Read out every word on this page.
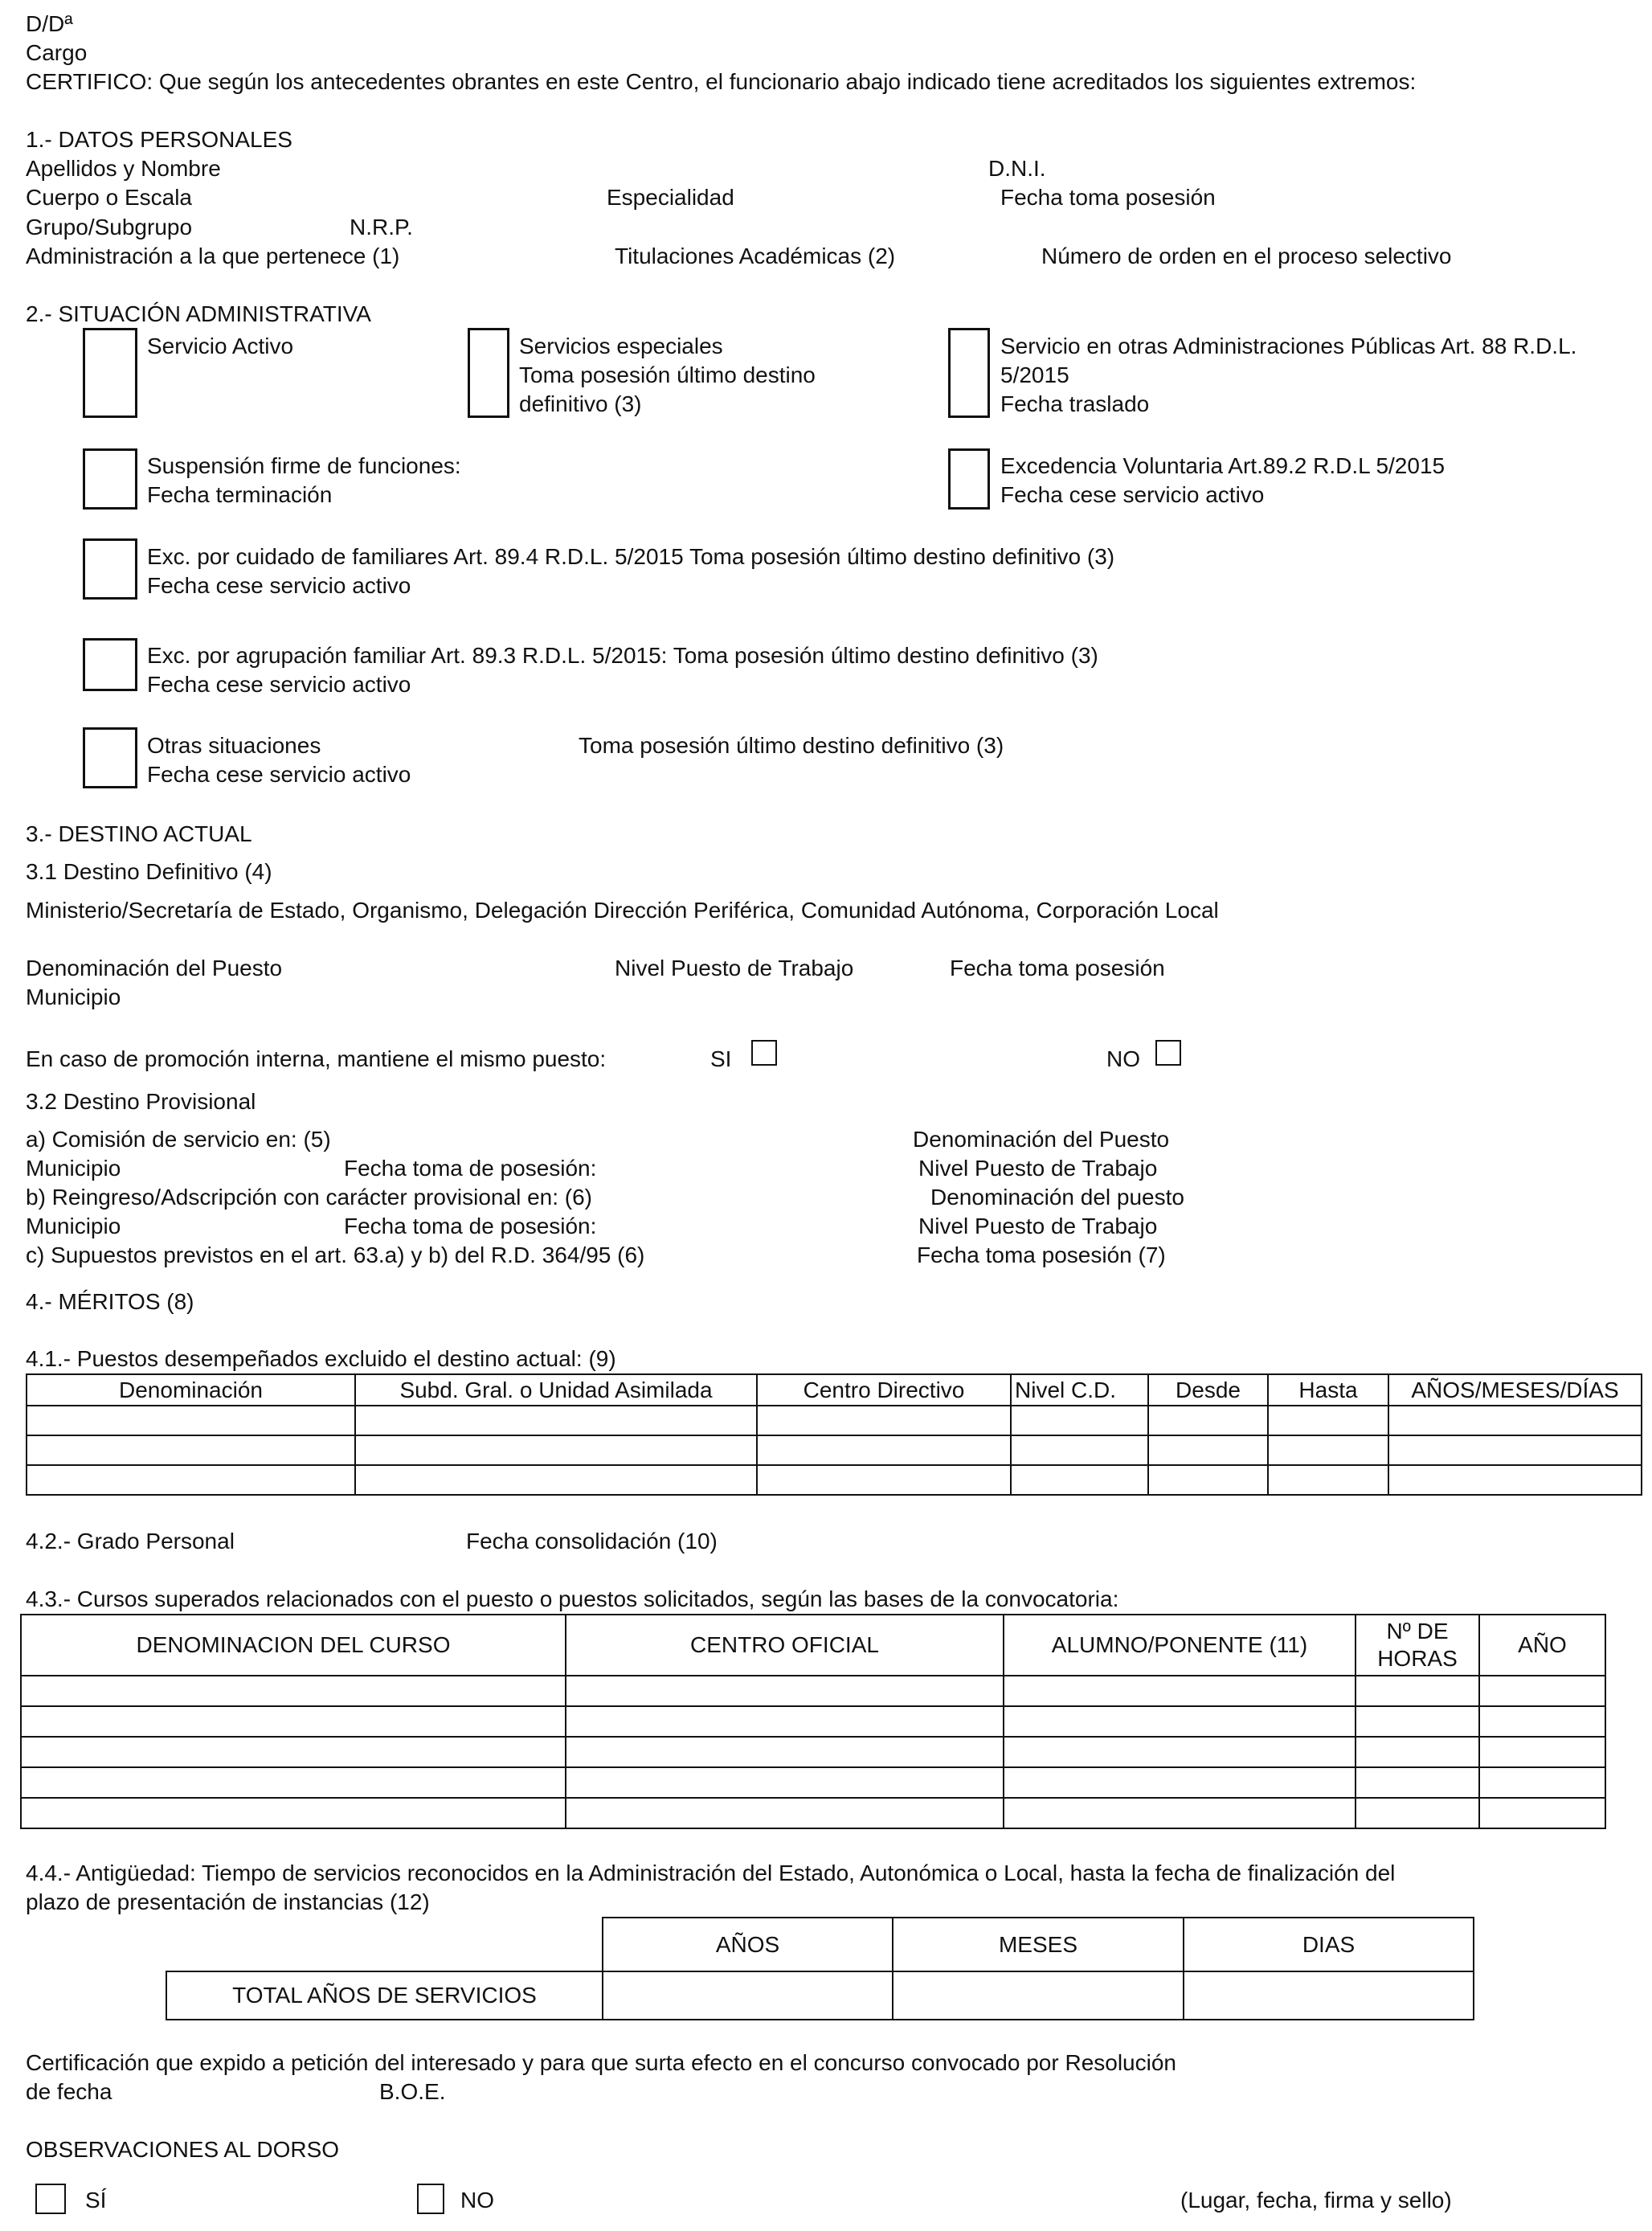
D/Dª
Cargo
CERTIFICO: Que según los antecedentes obrantes en este Centro, el funcionario abajo indicado tiene acreditados los siguientes extremos:
1.- DATOS PERSONALES
Apellidos y Nombre	D.N.I.
Cuerpo o Escala	Especialidad	Fecha toma posesión
Grupo/Subgrupo	N.R.P.
Administración a la que pertenece (1)	Titulaciones Académicas (2)	Número de orden en el proceso selectivo
2.- SITUACIÓN ADMINISTRATIVA
Servicio Activo	Servicios especiales
Toma posesión último destino
definitivo (3)
Servicio en otras Administraciones Públicas Art. 88 R.D.L.
5/2015
Fecha traslado
Suspensión firme de funciones:
Fecha terminación
Excedencia Voluntaria Art.89.2 R.D.L 5/2015
Fecha cese servicio activo
Exc. por cuidado de familiares Art. 89.4 R.D.L. 5/2015 Toma posesión último destino definitivo (3)
Fecha cese servicio activo
Exc. por agrupación familiar Art. 89.3 R.D.L. 5/2015: Toma posesión último destino definitivo (3)
Fecha cese servicio activo
Otras situaciones	Toma posesión último destino definitivo (3)
Fecha cese servicio activo
3.- DESTINO ACTUAL
3.1 Destino Definitivo (4)
Ministerio/Secretaría de Estado, Organismo, Delegación Dirección Periférica, Comunidad Autónoma, Corporación Local
Denominación del Puesto	Nivel Puesto de Trabajo	Fecha toma posesión
Municipio
En caso de promoción interna, mantiene el mismo puesto:	SI	NO
3.2 Destino Provisional
a) Comisión de servicio en: (5)	Denominación del Puesto
Municipio	Fecha toma de posesión:	Nivel Puesto de Trabajo
b) Reingreso/Adscripción con carácter provisional en: (6)	Denominación del puesto
Municipio	Fecha toma de posesión:	Nivel Puesto de Trabajo
c) Supuestos previstos en el art. 63.a) y b) del R.D. 364/95 (6)	Fecha toma posesión (7)
4.- MÉRITOS (8)
4.1.- Puestos desempeñados excluido el destino actual: (9)
Denominación	Subd. Gral. o Unidad Asimilada	Centro Directivo	Nivel C.D.	Desde	Hasta	AÑOS/MESES/DÍAS

4.2.- Grado Personal	Fecha consolidación (10)
4.3.- Cursos superados relacionados con el puesto o puestos solicitados, según las bases de la convocatoria:
DENOMINACION DEL CURSO	CENTRO OFICIAL	ALUMNO/PONENTE (11)	Nº DE HORAS	AÑO

4.4.- Antigüedad: Tiempo de servicios reconocidos en la Administración del Estado, Autonómica o Local, hasta la fecha de finalización del
plazo de presentación de instancias (12)
	AÑOS	MESES	DIAS
TOTAL AÑOS DE SERVICIOS			
Certificación que expido a petición del interesado y para que surta efecto en el concurso convocado por Resolución
de fecha	B.O.E.
OBSERVACIONES AL DORSO
SÍ	NO	(Lugar, fecha, firma y sello)
